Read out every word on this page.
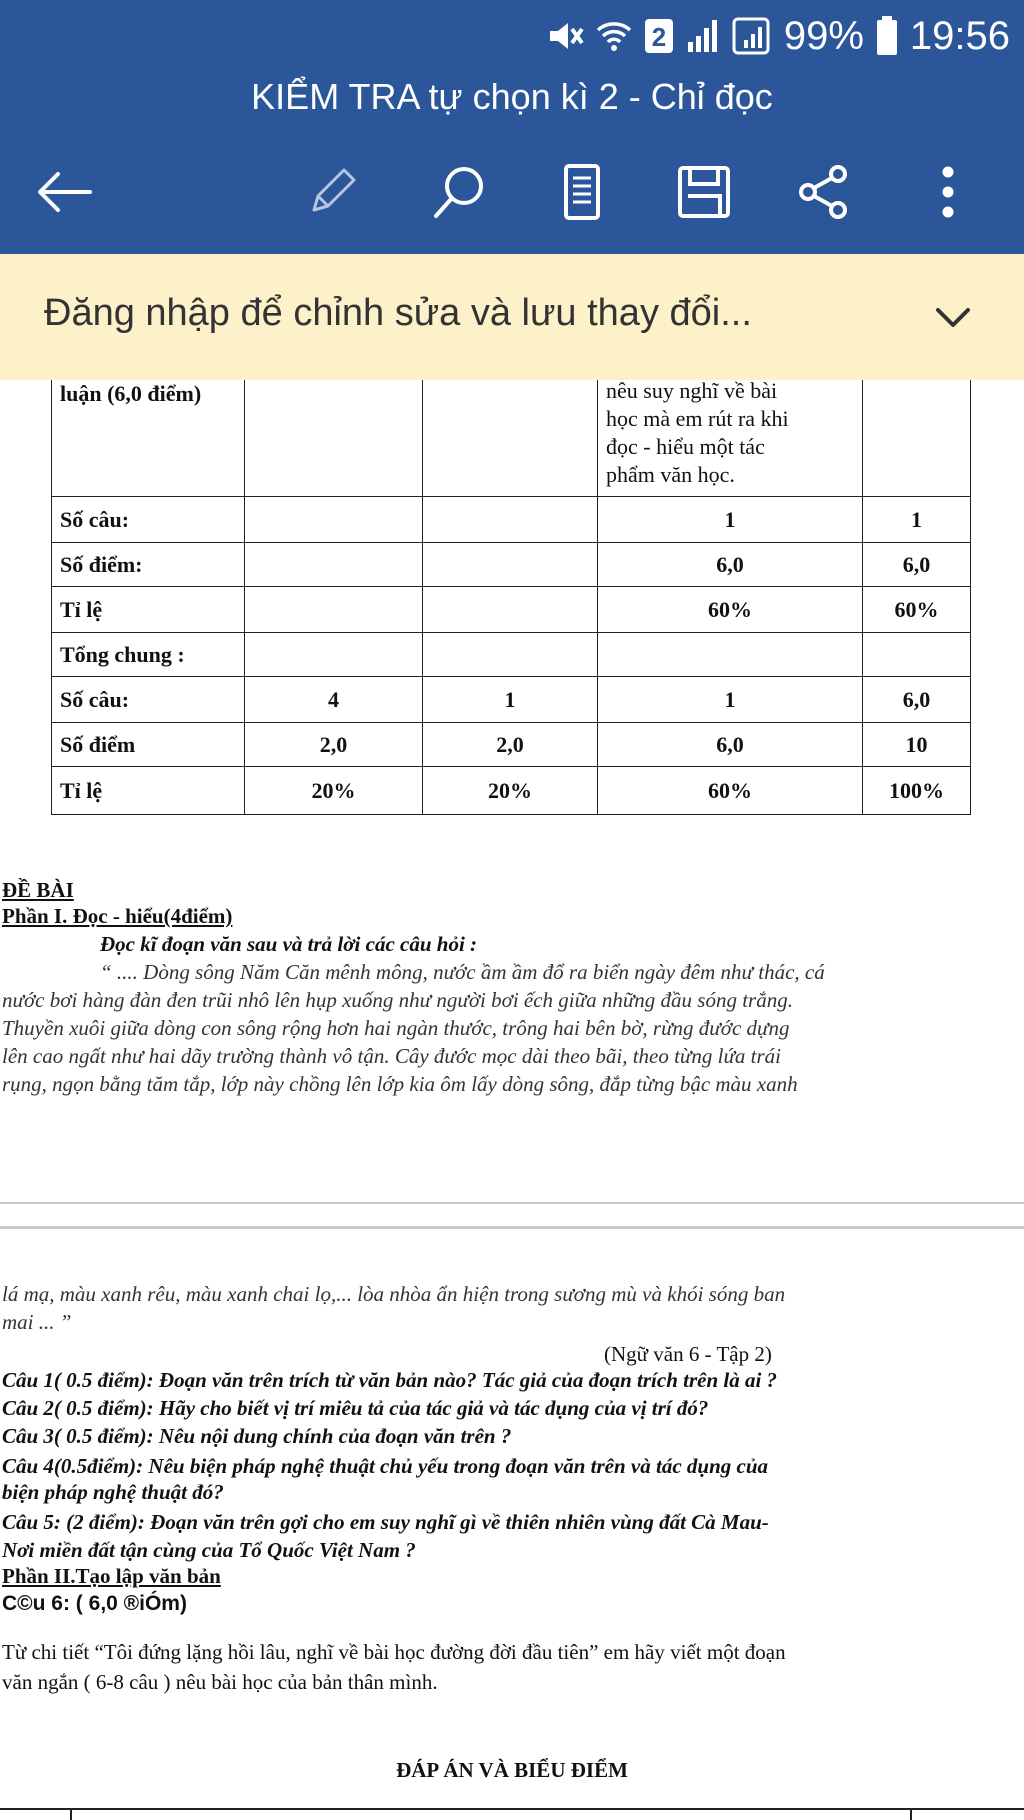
2	99% 19:56
KIỂM TRA tự chọn kì 2 - Chỉ đọc
Đăng nhập để chỉnh sửa và lưu thay đổi...
luận (6,0 điểm)			nêu suy nghĩ về bài
học mà em rút ra khi
đọc - hiểu một tác
phẩm văn học.	

Số câu:			1	1
Số điểm:			6,0	6,0
Tỉ lệ			60%	60%
Tổng chung :				
Số câu:	4	1	1	6,0
Số điểm	2,0	2,0	6,0	10
Tỉ lệ	20%	20%	60%	100%
ĐỀ BÀI
Phần I. Đọc - hiểu(4điểm)
Đọc kĩ đoạn văn sau và trả lời các câu hỏi :
“ .... Dòng sông Năm Căn mênh mông, nước ầm ầm đổ ra biển ngày đêm như thác, cá
nước bơi hàng đàn đen trũi nhô lên hụp xuống như người bơi ếch giữa những đầu sóng trắng.
Thuyền xuôi giữa dòng con sông rộng hơn hai ngàn thước, trông hai bên bờ, rừng đước dựng
lên cao ngất như hai dãy trường thành vô tận. Cây đước mọc dài theo bãi, theo từng lứa trái
rụng, ngọn bằng tăm tắp, lớp này chồng lên lớp kia ôm lấy dòng sông, đắp từng bậc màu xanh
lá mạ, màu xanh rêu, màu xanh chai lọ,... lòa nhòa ẩn hiện trong sương mù và khói sóng ban
mai ... ”
(Ngữ văn 6 - Tập 2)
Câu 1( 0.5 điểm): Đoạn văn trên trích từ văn bản nào? Tác giả của đoạn trích trên là ai ?
Câu 2( 0.5 điểm): Hãy cho biết vị trí miêu tả của tác giả và tác dụng của vị trí đó?
Câu 3( 0.5 điểm): Nêu nội dung chính của đoạn văn trên ?
Câu 4(0.5điểm): Nêu biện pháp nghệ thuật chủ yếu trong đoạn văn trên và tác dụng của
biện pháp nghệ thuật đó?
Câu 5: (2 điểm): Đoạn văn trên gợi cho em suy nghĩ gì về thiên nhiên vùng đất Cà Mau-
Nơi miền đất tận cùng của Tổ Quốc Việt Nam ?
Phần II.Tạo lập văn bản
C©u 6: ( 6,0 ®iÓm)
Từ chi tiết “Tôi đứng lặng hồi lâu, nghĩ về bài học đường đời đầu tiên” em hãy viết một đoạn
văn ngắn ( 6-8 câu ) nêu bài học của bản thân mình.
ĐÁP ÁN VÀ BIỂU ĐIỂM
